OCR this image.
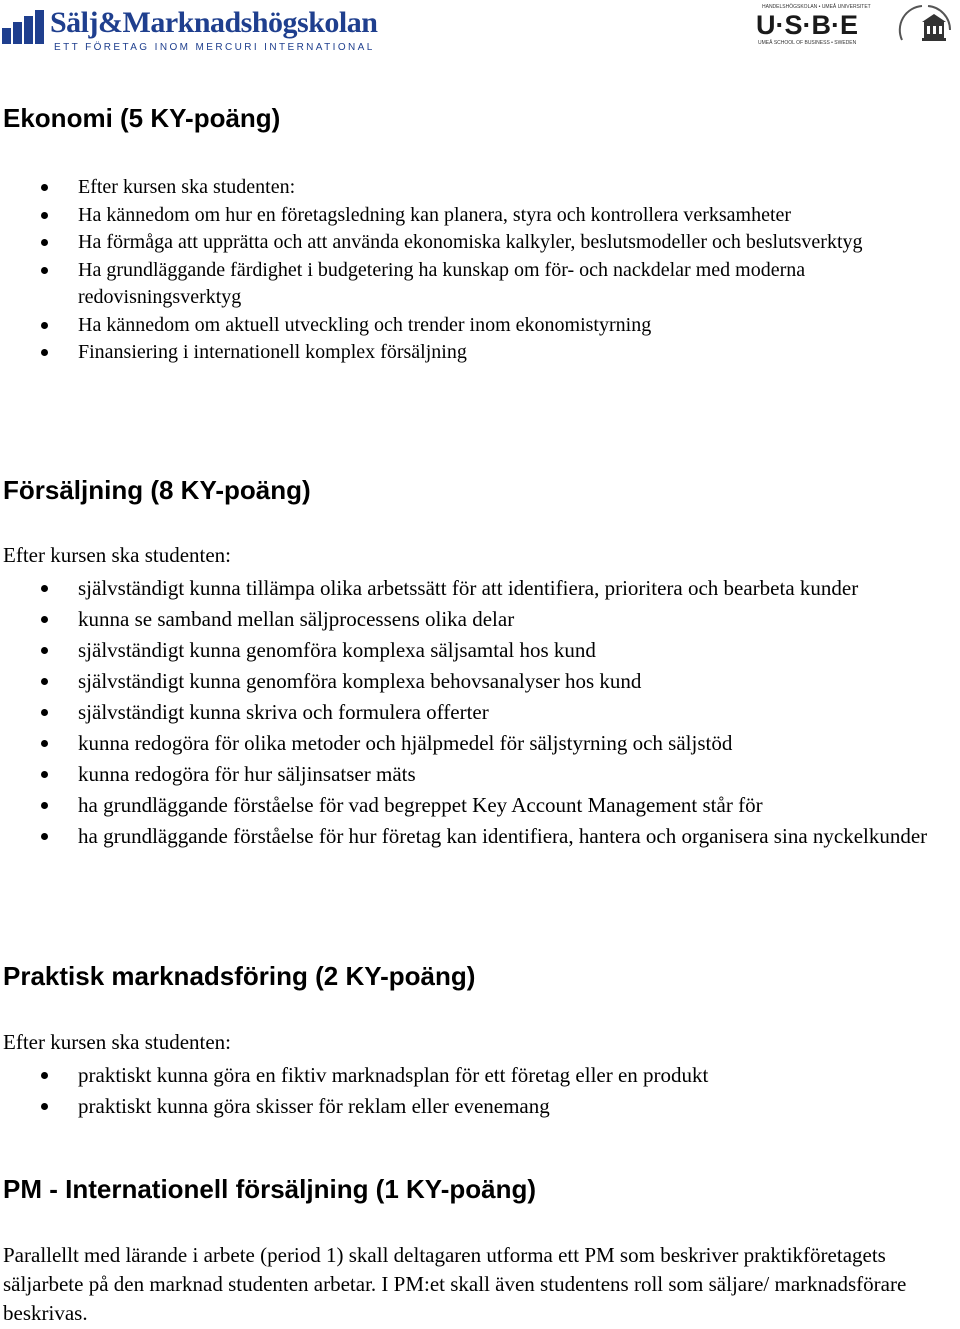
Sälj&Marknadshögskolan
ETT FÖRETAG INOM MERCURI INTERNATIONAL
HANDELSHÖGSKOLAN • UMEÅ UNIVERSITET
U·S·B·E
UMEÅ SCHOOL OF BUSINESS • SWEDEN
Ekonomi (5 KY-poäng)
Efter kursen ska studenten:
Ha kännedom om hur en företagsledning kan planera, styra och kontrollera verksamheter
Ha förmåga att upprätta och att använda ekonomiska kalkyler, beslutsmodeller och beslutsverktyg
Ha grundläggande färdighet i budgetering ha kunskap om för- och nackdelar med moderna redovisningsverktyg
Ha kännedom om aktuell utveckling och trender inom ekonomistyrning
Finansiering i internationell komplex försäljning
Försäljning (8 KY-poäng)

Efter kursen ska studenten:

självständigt kunna tillämpa olika arbetssätt för att identifiera, prioritera och bearbeta kunder
kunna se samband mellan säljprocessens olika delar
självständigt kunna genomföra komplexa säljsamtal hos kund
självständigt kunna genomföra komplexa behovsanalyser hos kund
självständigt kunna skriva och formulera offerter
kunna redogöra för olika metoder och hjälpmedel för säljstyrning och säljstöd
kunna redogöra för hur säljinsatser mäts
ha grundläggande förståelse för vad begreppet Key Account Management står för
ha grundläggande förståelse för hur företag kan identifiera, hantera och organisera sina nyckelkunder
Praktisk marknadsföring (2 KY-poäng)

Efter kursen ska studenten:

praktiskt kunna göra en fiktiv marknadsplan för ett företag eller en produkt
praktiskt kunna göra skisser för reklam eller evenemang
PM - Internationell försäljning (1 KY-poäng)

Parallellt med lärande i arbete (period 1) skall deltagaren utforma ett PM som beskriver praktikföretagets säljarbete på den marknad studenten arbetar. I PM:et skall även studentens roll som säljare/ marknadsförare beskrivas.
